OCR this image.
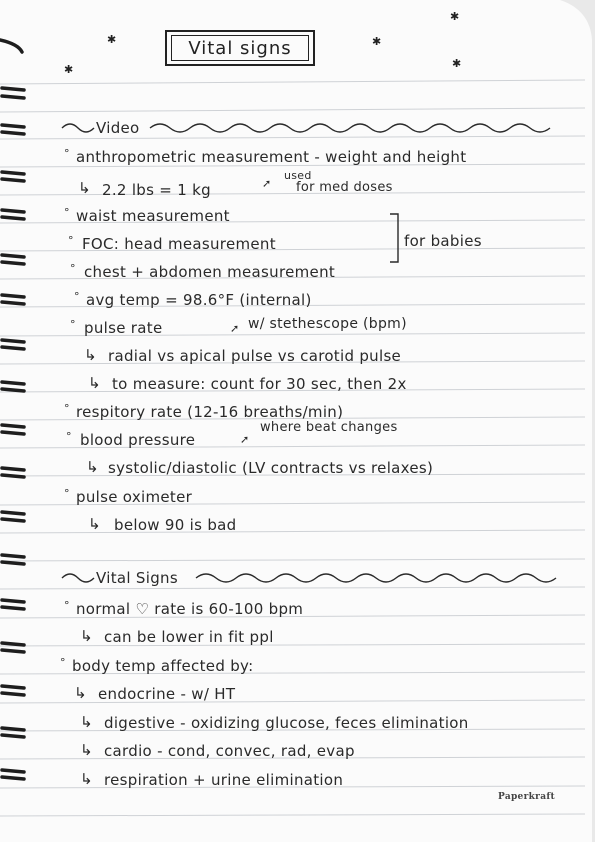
Vital signs
✱
✱
✱
✱
✱
Video
° anthropometric measurement - weight and height
↳ 2.2 lbs = 1 kg	➚
used
for med doses
° waist measurement
° FOC: head measurement	for babies
° chest + abdomen measurement
° avg temp = 98.6°F (internal)
° pulse rate	➚ w/ stethescope (bpm)
↳ radial vs apical pulse vs carotid pulse
↳ to measure: count for 30 sec, then 2x
° respitory rate (12-16 breaths/min)
° blood pressure	➚
where beat changes
↳ systolic/diastolic (LV contracts vs relaxes)
° pulse oximeter
↳ below 90 is bad
Vital Signs
° normal ♡ rate is 60-100 bpm
↳ can be lower in fit ppl
° body temp affected by:
↳ endocrine - w/ HT
↳ digestive - oxidizing glucose, feces elimination
↳ cardio - cond, convec, rad, evap
↳ respiration + urine elimination
Paperkraft
